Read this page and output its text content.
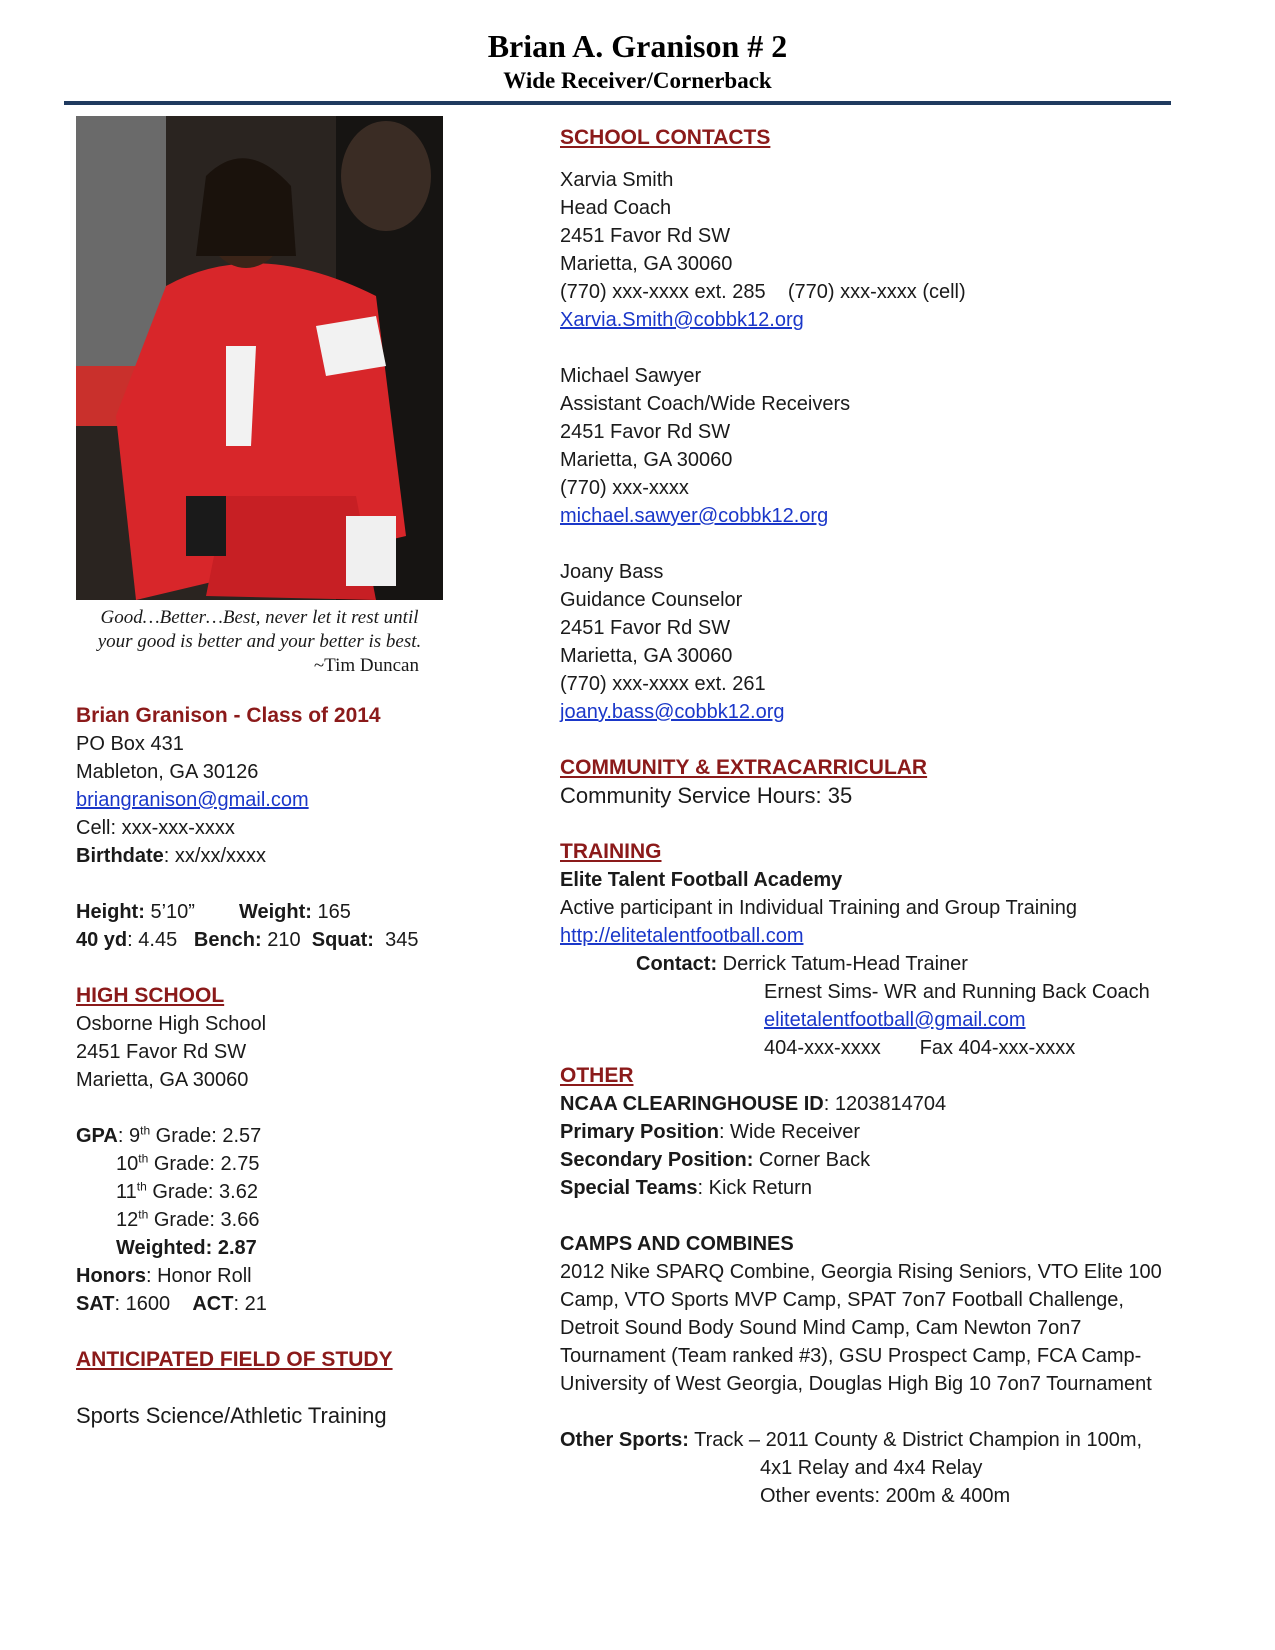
Brian A. Granison # 2
Wide Receiver/Cornerback
Good…Better…Best, never let it rest until
your good is better and your better is best.

~Tim Duncan
Brian Granison - Class of 2014
PO Box 431
Mableton, GA 30126
briangranison@gmail.com
Cell: xxx-xxx-xxxx
Birthdate: xx/xx/xxxx
Height: 5’10” Weight: 165
40 yd: 4.45 Bench: 210 Squat: 345
HIGH SCHOOL
Osborne High School
2451 Favor Rd SW
Marietta, GA 30060
GPA: 9th Grade: 2.57
10th Grade: 2.75
11th Grade: 3.62
12th Grade: 3.66
Weighted: 2.87
Honors: Honor Roll
SAT: 1600 ACT: 21
ANTICIPATED FIELD OF STUDY
Sports Science/Athletic Training
SCHOOL CONTACTS
Xarvia Smith
Head Coach
2451 Favor Rd SW
Marietta, GA 30060
(770) xxx-xxxx ext. 285    (770) xxx-xxxx (cell)
Xarvia.Smith@cobbk12.org
Michael Sawyer
Assistant Coach/Wide Receivers
2451 Favor Rd SW
Marietta, GA 30060
(770) xxx-xxxx
michael.sawyer@cobbk12.org
Joany Bass
Guidance Counselor
2451 Favor Rd SW
Marietta, GA 30060
(770) xxx-xxxx ext. 261
joany.bass@cobbk12.org
COMMUNITY & EXTRACARRICULAR
Community Service Hours: 35
TRAINING
Elite Talent Football Academy
Active participant in Individual Training and Group Training
http://elitetalentfootball.com
Contact: Derrick Tatum-Head Trainer
Ernest Sims- WR and Running Back Coach
elitetalentfootball@gmail.com
404-xxx-xxxx Fax 404-xxx-xxxx
OTHER
NCAA CLEARINGHOUSE ID: 1203814704
Primary Position: Wide Receiver
Secondary Position: Corner Back
Special Teams: Kick Return
CAMPS AND COMBINES
2012 Nike SPARQ Combine, Georgia Rising Seniors, VTO Elite 100
Camp, VTO Sports MVP Camp, SPAT 7on7 Football Challenge,
Detroit Sound Body Sound Mind Camp, Cam Newton 7on7
Tournament (Team ranked #3), GSU Prospect Camp, FCA Camp-
University of West Georgia, Douglas High Big 10 7on7 Tournament
Other Sports: Track – 2011 County & District Champion in 100m,
4x1 Relay and 4x4 Relay
Other events: 200m & 400m
